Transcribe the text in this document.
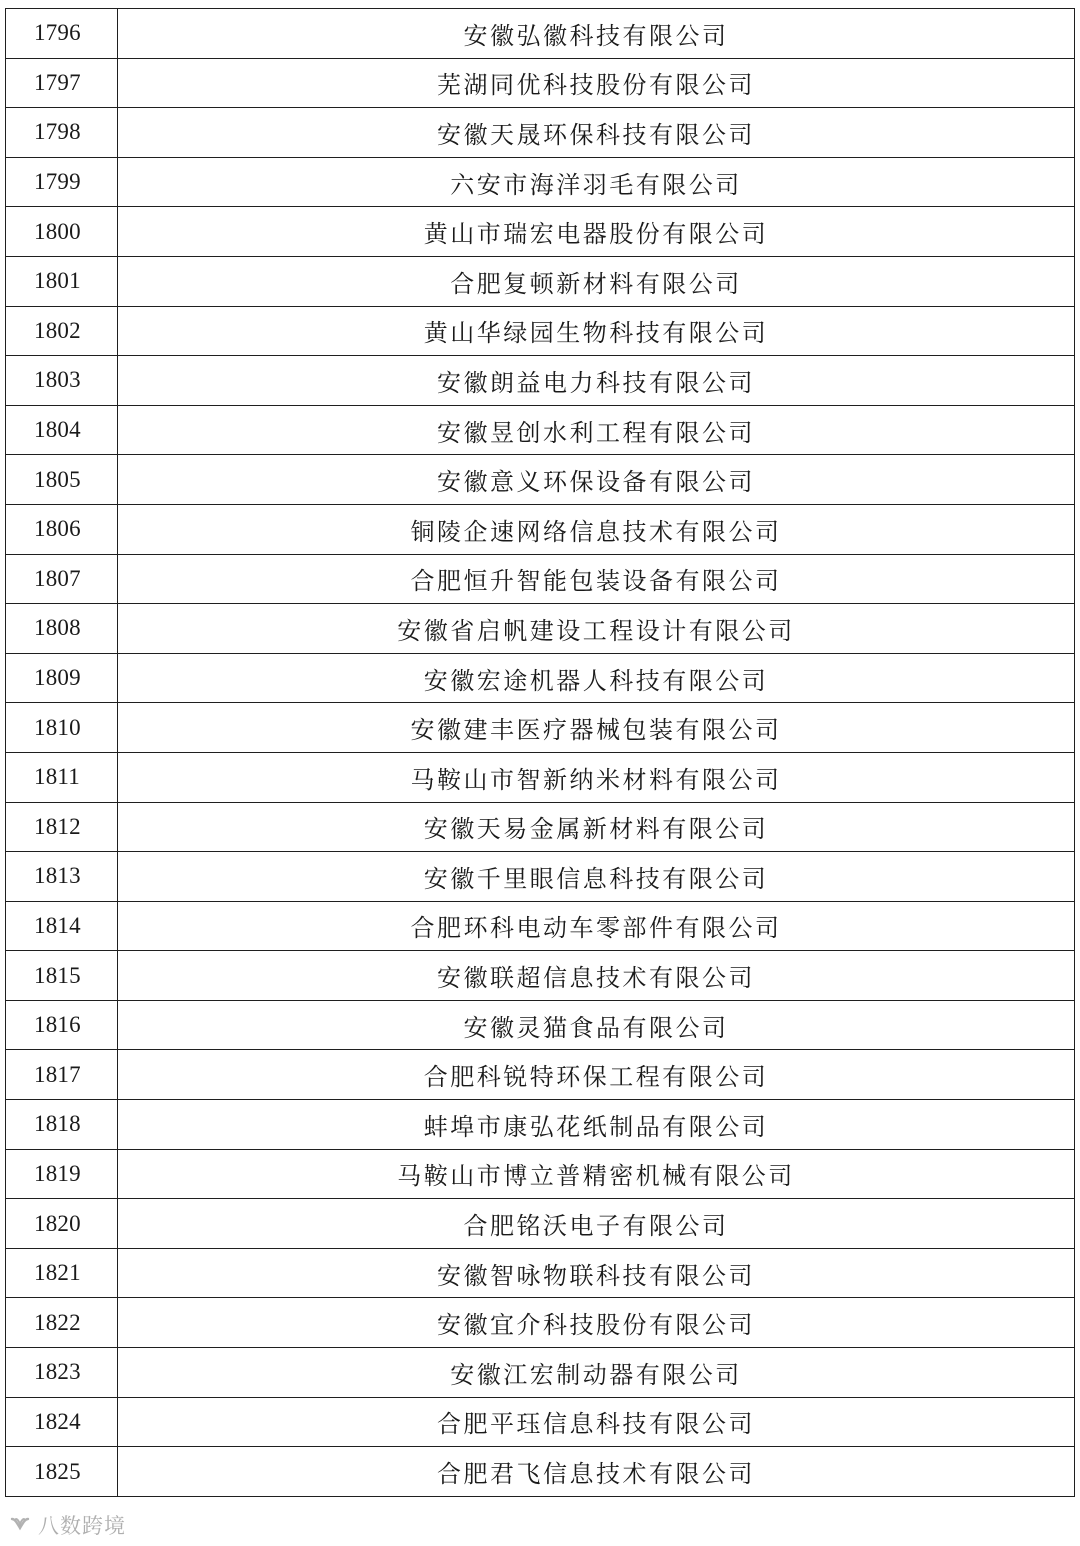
1796	安徽弘徽科技有限公司
1797	芜湖同优科技股份有限公司
1798	安徽天晟环保科技有限公司
1799	六安市海洋羽毛有限公司
1800	黄山市瑞宏电器股份有限公司
1801	合肥复顿新材料有限公司
1802	黄山华绿园生物科技有限公司
1803	安徽朗益电力科技有限公司
1804	安徽昱创水利工程有限公司
1805	安徽意义环保设备有限公司
1806	铜陵企速网络信息技术有限公司
1807	合肥恒升智能包装设备有限公司
1808	安徽省启帆建设工程设计有限公司
1809	安徽宏途机器人科技有限公司
1810	安徽建丰医疗器械包装有限公司
1811	马鞍山市智新纳米材料有限公司
1812	安徽天易金属新材料有限公司
1813	安徽千里眼信息科技有限公司
1814	合肥环科电动车零部件有限公司
1815	安徽联超信息技术有限公司
1816	安徽灵猫食品有限公司
1817	合肥科锐特环保工程有限公司
1818	蚌埠市康弘花纸制品有限公司
1819	马鞍山市博立普精密机械有限公司
1820	合肥铭沃电子有限公司
1821	安徽智咏物联科技有限公司
1822	安徽宜介科技股份有限公司
1823	安徽江宏制动器有限公司
1824	合肥平珏信息科技有限公司
1825	合肥君飞信息技术有限公司
八数跨境
